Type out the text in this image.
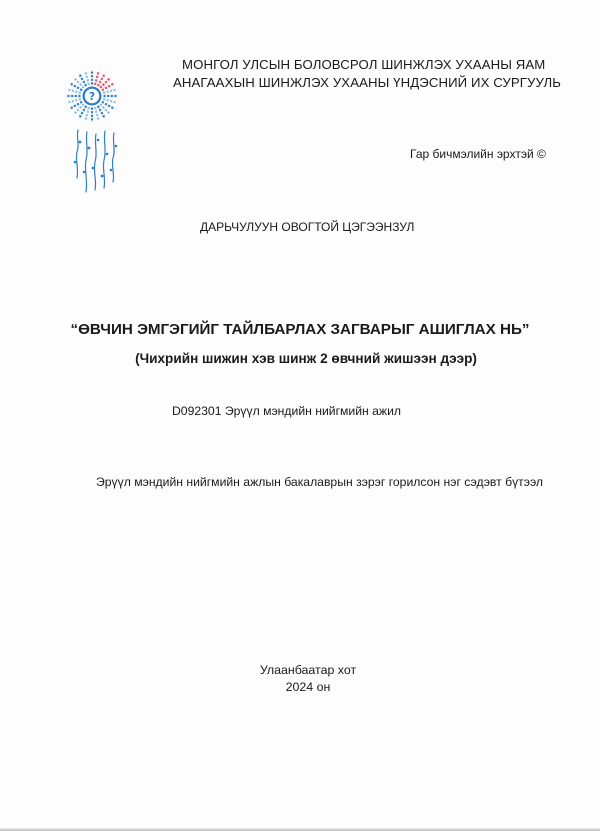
?
МОНГОЛ УЛСЫН БОЛОВСРОЛ ШИНЖЛЭХ УХААНЫ ЯАМ
АНАГААХЫН ШИНЖЛЭХ УХААНЫ ҮНДЭСНИЙ ИХ СУРГУУЛЬ
Гар бичмэлийн эрхтэй ©
ДАРЬЧУЛУУН ОВОГТОЙ ЦЭГЭЭНЗУЛ
“ӨВЧИН ЭМГЭГИЙГ ТАЙЛБАРЛАХ ЗАГВАРЫГ АШИГЛАХ НЬ”
(Чихрийн шижин хэв шинж 2 өвчний жишээн дээр)
D092301 Эрүүл мэндийн нийгмийн ажил
Эрүүл мэндийн нийгмийн ажлын бакалаврын зэрэг горилсон нэг сэдэвт бүтээл
Улаанбаатар хот
2024 он
